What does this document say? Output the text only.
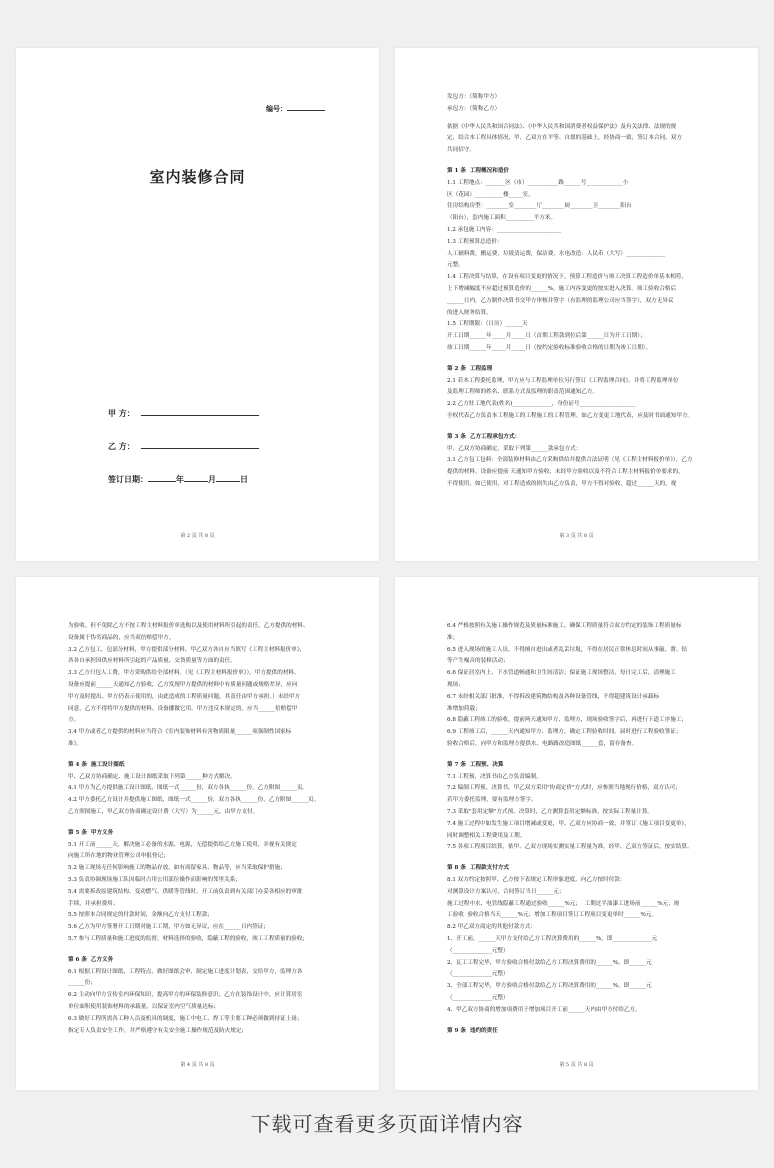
编号：
室内装修合同
甲 方：
乙 方：
签订日期：	年	月	日
第 2 页 共 8 页

发包方：（简称甲方）

承包方：（简称乙方）

依据《中华人民共和国合同法》、《中华人民共和国消费者权益保护法》及有关法律、法规的规

定，结合本工程具体情况，甲、乙双方在平等、自愿的基础上，经协商一致，签订本合同，双方

共同信守。

第 1 条  工程概况和造价

1.1 工程地点：_______区（市）___________路______号_____________小

区（花园）__________楼_____室。

住房结构房型：________室________厅________厨________卫________阳台

（阳台），套内施工面积__________平方米。

1.2 承包施工内容：_______________________

1.3 工程预算总造价：

人工辅料费，搬运费，垃圾清运费，保洁费，水电改造：人民币（大写）______________

元整。

1.4 工程决算与结算，在设有项目变更的情况下，预算工程造价与竣工决算工程造价单基本相符，

上下增减幅度不应超过预算造价的______%。施工内容变更的按实进入决算。竣工验收合格后

______日内，乙方制作决算书交甲方审核并签字（有监理的监理公司应当签字），双方无异议

的进入财务结算。

1.5 工程期限：（日历）______天

开工日期______年_____月_____日（首期工程款到位后第______日为开工日期）；

竣工日期______年_____月_____日（按约定验收标准验收合格的日期为竣工日期）。

第 2 条  工程监理

2.1 若本工程委托监理，甲方应与工程监理单位另行签订《工程监理合同》，并将工程监理单位

及监理工程师的姓名、联系方式及监理的职责范围通知乙方。

2.2 乙方驻工地代表(姓名)______________，身份证号____________________

全权代表乙方负责本工程施工的工程施工的工程管理。如乙方变更工地代表，应及时书面通知甲方。

第 3 条  乙方工程承包方式：

甲、乙双方协商确定，采取下列第______款承包方式：

3.1 乙方包工包料：全部装修材料由乙方采购供给并提供合法证明（见《工程主材料报价单》），乙方

提供的材料、设备应提前 天通知甲方验收，未经甲方验收以及不符合工程主材料报价单要求的，

不得使用，如已使用，对工程造成的损失由乙方负责，甲方不得对验收，超过______天的，视

第 3 页 共 8 页

为验收。但不免除乙方不按工程主材料报价单选购以及使用材料所引起的责任。乙方提供的材料、

设备属于伪劣商品的，应当双倍赔偿甲方。

3.2 乙方包工，包部分材料，甲方提供部分材料，甲乙双方各自应当填写《工程主材料报价单》，

各各自承担因供应材料所引起的产品质量、交货质量等方面的责任。

3.3 乙方只包人工费，甲方采购供给全部材料。（见《工程主材料报价单》）。甲方提供的材料、

设备应提前______天通知乙方验收，乙方发现甲方提供的材料中有质量问题或规格差异，应向

甲方及时提出。甲方仍表示使用的，由此造成的工程质量问题，其责任由甲方承担。）未经甲方

同意，乙方不得将甲方提供的材料、设备挪做它用。甲方违反本规定的，应当______倍赔偿甲

方。

3.4 甲方或者乙方提供的材料应当符合《室内装饰材料有害物质限量______项强制性国家标

准》。

第 4 条  施工设计图纸

甲、乙双方协商确定，施工设计图纸采取下列第______种方式解决。

4.1 甲方为乙方提供施工设计图纸，图纸一式______份，双方各执______份，乙方附图______页。

4.2 甲方委托乙方设计并提供施工图纸，图纸一式______份，双方各执______份，乙方附图______页。

乙方照图施工，甲乙双方协商确定设计费（大写）为______元，由甲方支付。

第 5 条  甲方义务

5.1 开工前______天，解决施工必备的水源、电源，无偿提供给乙方施工使用，并视有关规定

向施工所在地的物业管理公司申报登记；

5.2 施工现场无任何影响施工的物品存放，如有商留家具、物品等，应当采取保护措施；

5.3 负责协调现场施工队因临时占用公用部位操作而影响的邻里关系；

5.4 需要拆改原建筑结构、变动燃气、供暖等管线时，开工前负责到有关部门办妥各相应的审批

手续，并承担费用；

5.5 按照本合同规定的付款时间，金额向乙方支付工程款；

5.6 乙方为甲方签署开工日期对施工工期，甲方如无异议，应在______日内签证；

5.7 参与工程质量和施工进度的监督，材料选择的验收，隐蔽工程的验收，竣工工程质量的验收；

第 6 条  乙方义务

6.1 根据工程设计图纸，工程特点，做好图纸会审，制定施工进度计划表，交给甲方，监理方各

______份；

6.2 主动向甲方宣传室内环保知识，提高甲方的环保装修意识；乙方在装饰设计中，应计算居室

单位面积使用装饰材料的承载量，以保证室内空气质量达标；

6.3 做好工程所需各工种人员及机具的调度，施工中电工、焊工等主要工种必须做到持证上岗；

指定专人负责安全工作，并严格遵守有关安全施工操作规范及防火规定；

第 4 页 共 8 页

6.4 严格按照有关施工操作规范及质量标准施工，确保工程质量符合双方约定的装饰工程质量标

准；

6.5 进入现场的施工人员，不得擅自进出或者乱丢垃圾，不得在居民正常休息时间从事敲、凿、钻

等产生噪音的装修活动；

6.6 保证居室内上、下水管道畅通和卫生间清洁；保证施工现场整洁，每日完工后，清理施工

现场；

6.7 未经相关部门批准，不得拆改建筑物结构及各种设备管线，不得超建筑设计承载标

准增加荷载；

6.8 隐蔽工程竣工的验收，提前两天通知甲方、监理方，现场验收签字后，再进行下道工序施工；

6.9 工程竣工后，______天内通知甲方、监理方，确定工程验收时间。届时进行工程验收签证；

验收合格后，向甲方和监理方提供水、电路路改造图纸______套，留存备查。

第 7 条  工程预、决算

7.1 工程预、决算书由乙方负责编制。

7.2 编制工程预、决算书，甲乙双方采用"协商定价"方式时，应参照当地现行价格，双方认可；

若甲方委托监理，要有监理方签字。

7.3 采取"套用定额"方式预、决算时，乙方测算套用定额标准，按实际工程量计算。

7.4 施工过程中如发生施工项目增减或变更，甲、乙双方应协商一致，并签订《施工项目变更单》，

同时调整相关工程费用及工期。

7.5 各项工程项目结算，依甲、乙双方现场实测实量工程量为准，经甲、乙双方签证后，按实结算。

第 8 条  工程款支付方式

8.1 双方约定按照甲、乙方按下表规定工程形象进度，向乙方按时付款：

对测算设计方案认可，合同签订当日______元；

施工过程中水、电管线隐蔽工程通过验收______%元；  工期过半油漆工进场前______%元；竣

工验收  验收合格当天______%元；增加工程项目签订工程项目变更单时______%元。

8.2 甲乙双方商定的其他付款方式：

1、开工前，______天甲方支付给乙方工程决算费用的______%，即______________元

（______________元整）

2、瓦工工程完毕，甲方验收合格付款给乙方工程决算费用的______%，即______元

（______________元整）

3、全部工程完毕，甲方验收合格付款给乙方工程决算费用的______%，即______元

（______________元整）

4、甲乙双方协商的增加项费用于增加项目开工前______天内由甲方付给乙方。

第 9 条  违约的责任

第 5 页 共 8 页
下载可查看更多页面详情内容
